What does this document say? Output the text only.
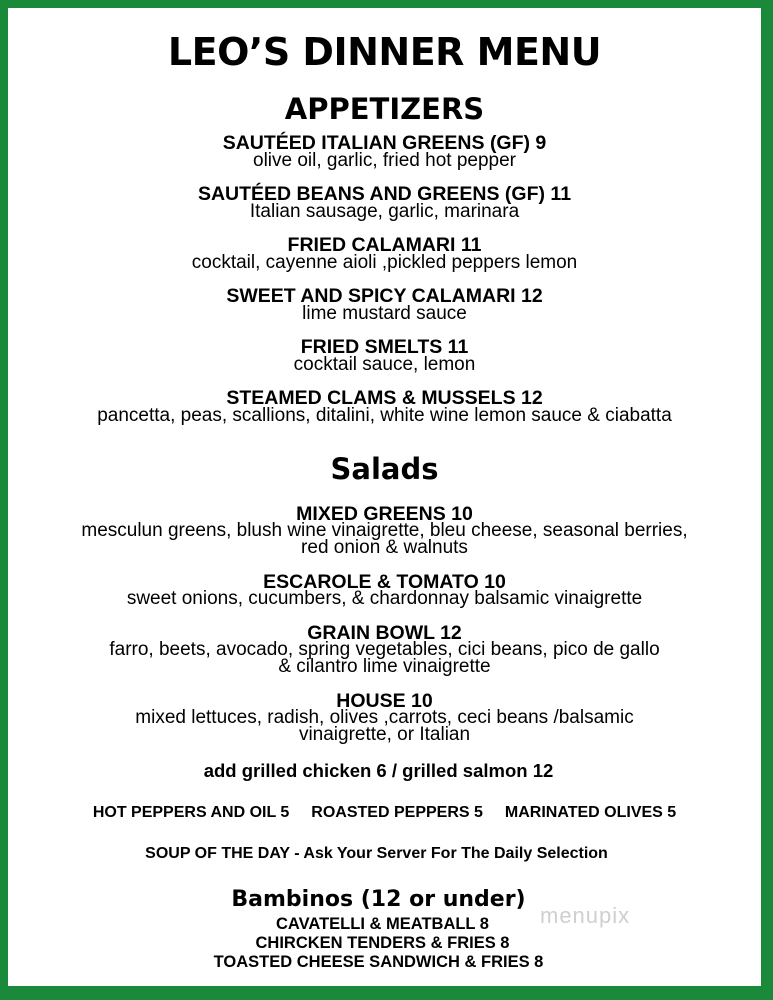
LEO’S DINNER MENU
APPETIZERS
SAUTÉED ITALIAN GREENS (GF) 9
olive oil, garlic, fried hot pepper
SAUTÉED BEANS AND GREENS (GF) 11
Italian sausage, garlic, marinara
FRIED CALAMARI 11
cocktail, cayenne aioli ,pickled peppers lemon
SWEET AND SPICY CALAMARI 12
lime mustard sauce
FRIED SMELTS 11
cocktail sauce, lemon
STEAMED CLAMS & MUSSELS 12
pancetta, peas, scallions, ditalini, white wine lemon sauce & ciabatta
Salads
MIXED GREENS 10
mesculun greens, blush wine vinaigrette, bleu cheese, seasonal berries,
red onion & walnuts
ESCAROLE & TOMATO 10
sweet onions, cucumbers, & chardonnay balsamic vinaigrette
GRAIN BOWL 12
farro, beets, avocado, spring vegetables, cici beans, pico de gallo
& cilantro lime vinaigrette
HOUSE 10
mixed lettuces, radish, olives ,carrots, ceci beans /balsamic
vinaigrette, or Italian
add grilled chicken 6 / grilled salmon 12
HOT PEPPERS AND OIL 5 ROASTED PEPPERS 5 MARINATED OLIVES 5
SOUP OF THE DAY - Ask Your Server For The Daily Selection
Bambinos (12 or under)
CAVATELLI & MEATBALL 8
CHIRCKEN TENDERS & FRIES 8
TOASTED CHEESE SANDWICH & FRIES 8
menupix
